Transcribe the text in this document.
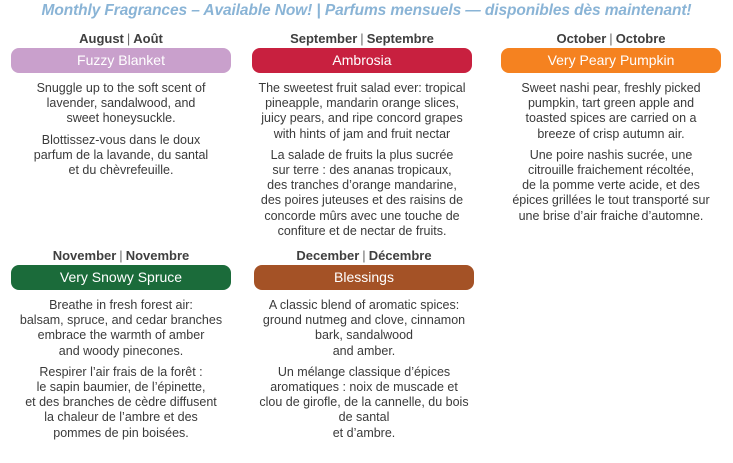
Monthly Fragrances – Available Now! | Parfums mensuels — disponibles dès maintenant!
August | Août
Fuzzy Blanket

Snuggle up to the soft scent of
lavender, sandalwood, and
sweet honeysuckle.

Blottissez-vous dans le doux
parfum de la lavande, du santal
et du chèvrefeuille.

September | Septembre
Ambrosia

The sweetest fruit salad ever: tropical
pineapple, mandarin orange slices,
juicy pears, and ripe concord grapes
with hints of jam and fruit nectar

La salade de fruits la plus sucrée
sur terre : des ananas tropicaux,
des tranches d’orange mandarine,
des poires juteuses et des raisins de
concorde mûrs avec une touche de
confiture et de nectar de fruits.

October | Octobre
Very Peary Pumpkin

Sweet nashi pear, freshly picked
pumpkin, tart green apple and
toasted spices are carried on a
breeze of crisp autumn air.

Une poire nashis sucrée, une
citrouille fraichement récoltée,
de la pomme verte acide, et des
épices grillées le tout transporté sur
une brise d’air fraiche d’automne.

November | Novembre
Very Snowy Spruce

Breathe in fresh forest air:
balsam, spruce, and cedar branches
embrace the warmth of amber
and woody pinecones.

Respirer l’air frais de la forêt :
le sapin baumier, de l’épinette,
et des branches de cèdre diffusent
la chaleur de l’ambre et des
pommes de pin boisées.

December | Décembre
Blessings

A classic blend of aromatic spices:
ground nutmeg and clove, cinnamon
bark, sandalwood
and amber.

Un mélange classique d’épices
aromatiques : noix de muscade et
clou de girofle, de la cannelle, du bois
de santal
et d’ambre.
